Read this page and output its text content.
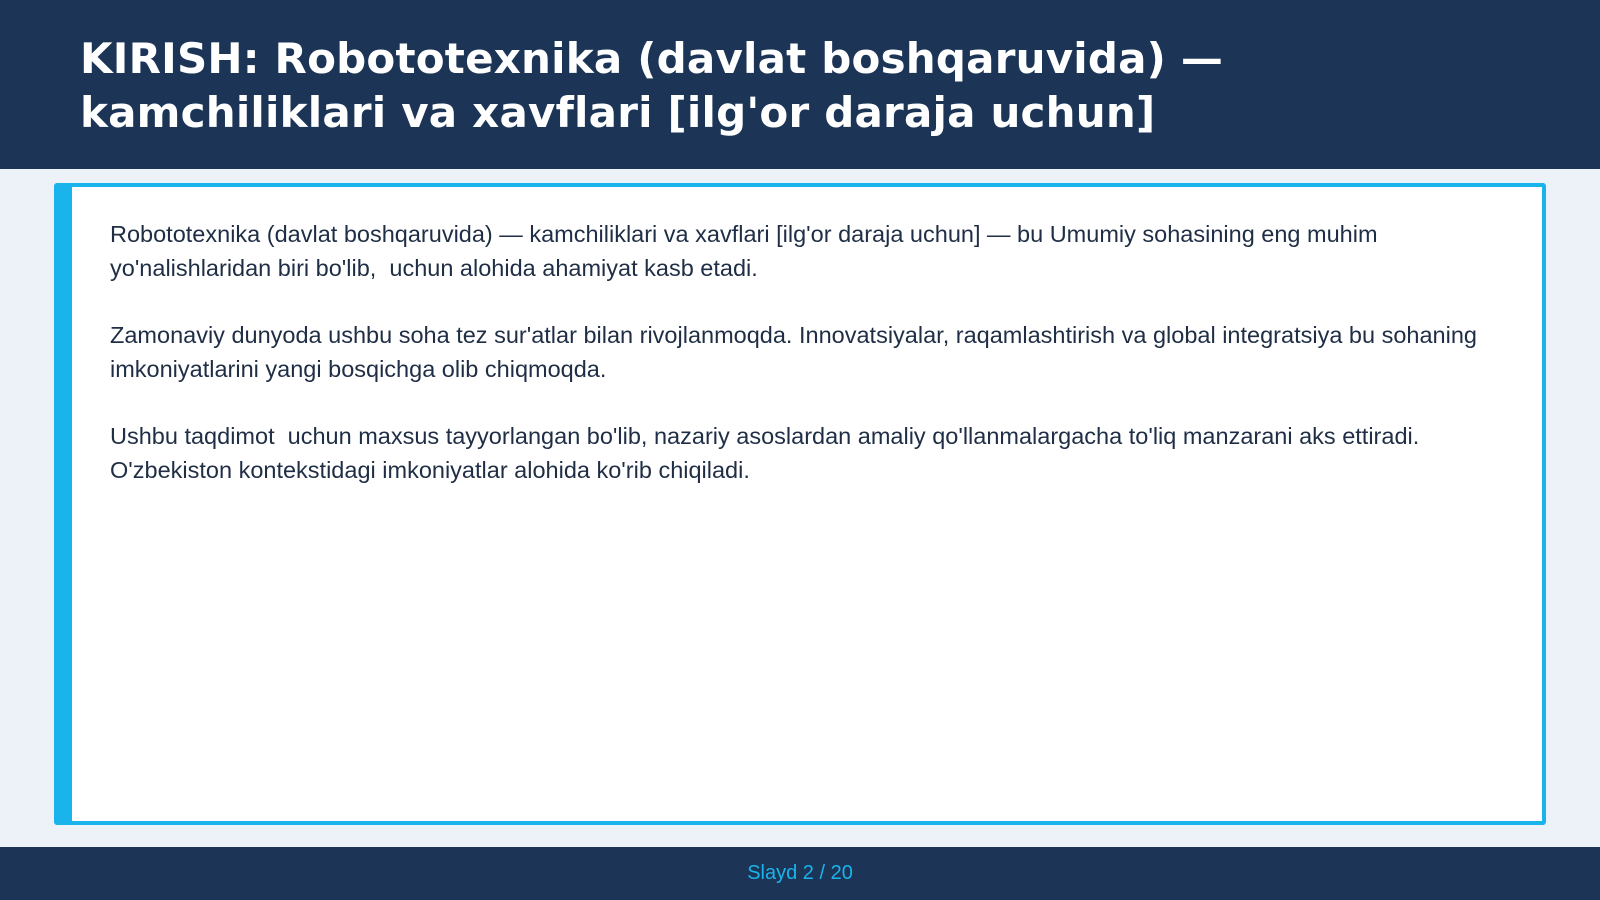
KIRISH: Robototexnika (davlat boshqaruvida) — kamchiliklari va xavflari [ilg'or daraja uchun]

Robototexnika (davlat boshqaruvida) — kamchiliklari va xavflari [ilg'or daraja uchun] — bu Umumiy sohasining eng muhim yo'nalishlaridan biri bo'lib,  uchun alohida ahamiyat kasb etadi.

Zamonaviy dunyoda ushbu soha tez sur'atlar bilan rivojlanmoqda. Innovatsiyalar, raqamlashtirish va global integratsiya bu sohaning imkoniyatlarini yangi bosqichga olib chiqmoqda.

Ushbu taqdimot  uchun maxsus tayyorlangan bo'lib, nazariy asoslardan amaliy qo'llanmalargacha to'liq manzarani aks ettiradi. O'zbekiston kontekstidagi imkoniyatlar alohida ko'rib chiqiladi.

Slayd 2 / 20
